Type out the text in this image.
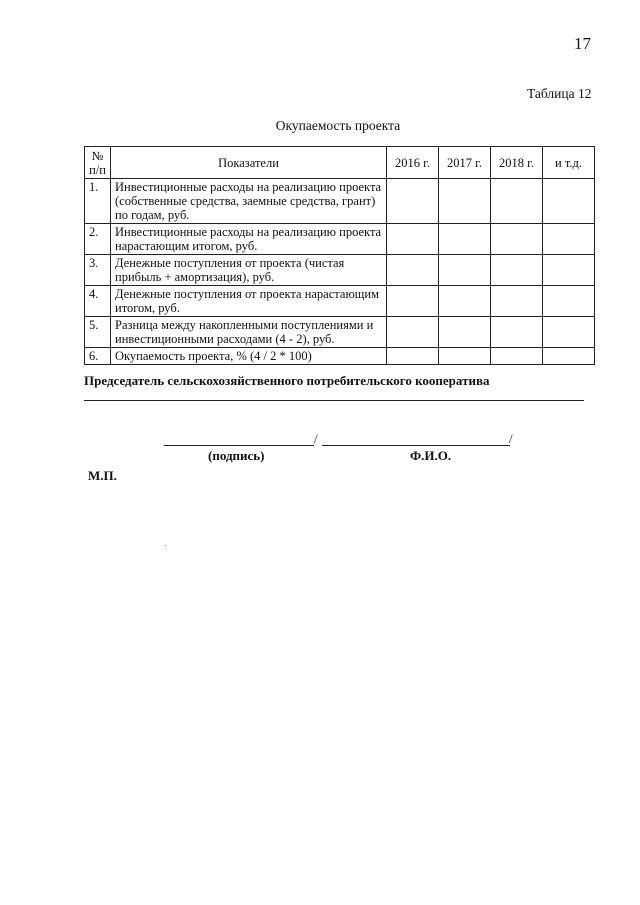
17
Таблица 12
Окупаемость проекта
№ п/п	Показатели	2016 г.	2017 г.	2018 г.	и т.д.
1.	Инвестиционные расходы на реализацию проекта (собственные средства, заемные средства, грант) по годам, руб.				
2.	Инвестиционные расходы на реализацию проекта нарастающим итогом, руб.				
3.	Денежные поступления от проекта (чистая прибыль + амортизация), руб.				
4.	Денежные поступления от проекта нарастающим итогом, руб.				
5.	Разница между накопленными поступлениями и инвестиционными расходами (4 - 2), руб.				
6.	Окупаемость проекта, % (4 / 2 * 100)				
Председатель сельскохозяйственного потребительского кооператива
/	/
(подпись)	Ф.И.О.
М.П.
